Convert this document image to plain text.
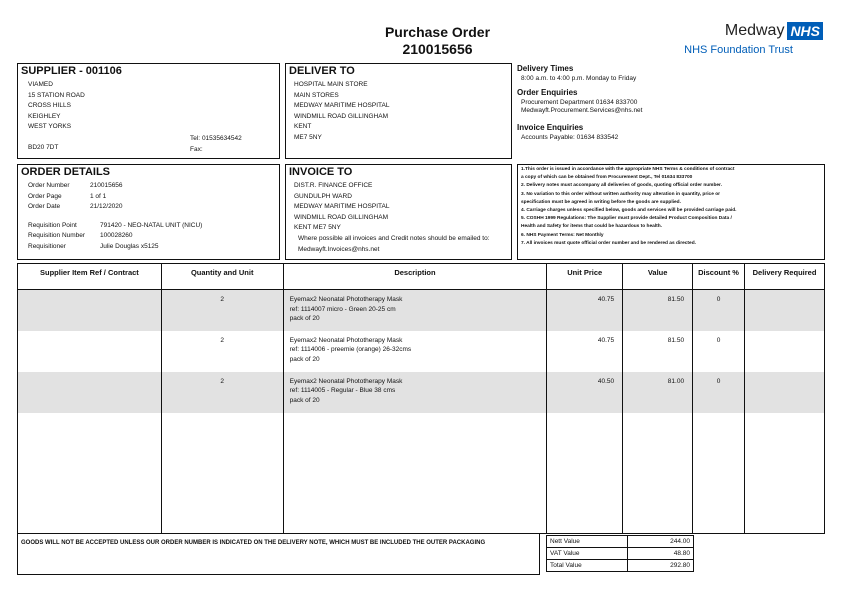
Purchase Order
210015656
Medway NHS
NHS Foundation Trust
SUPPLIER - 001106
VIAMED
15 STATION ROAD
CROSS HILLS
KEIGHLEY
WEST YORKS
BD20 7DT
Tel: 01535634542
Fax:
DELIVER TO
HOSPITAL MAIN STORE
MAIN STORES
MEDWAY MARITIME HOSPITAL
WINDMILL ROAD GILLINGHAM
KENT
ME7 5NY
Delivery Times
8:00 a.m. to 4:00 p.m. Monday to Friday
Order Enquiries
Procurement Department 01634 833700
Medwayft.Procurement.Services@nhs.net
Invoice Enquiries
Accounts Payable: 01634 833542
ORDER DETAILS
Order Number	210015656
Order Page	1 of 1
Order Date	21/12/2020
Requisition Point	791420 - NEO-NATAL UNIT (NICU)
Requisition Number 100028260
Requisitioner	Julie Douglas x5125
INVOICE TO
DIST.R. FINANCE OFFICE
GUNDULPH WARD
MEDWAY MARITIME HOSPITAL
WINDMILL ROAD GILLINGHAM
KENT ME7 5NY
Where possible all invoices and Credit notes should be emailed to: Medwayft.Invoices@nhs.net
1.This order is issued in accordance with the appropriate NHS Terms & conditions of contract
a copy of which can be obtained from Procurement Dept., Tel 01634 833700
2. Delivery notes must accompany all deliveries of goods, quoting official order number.
3. No variation to this order without written authority may alteration in quantity, price or
specification must be agreed in writing before the goods are supplied.
4. Carriage charges unless specified below, goods and services will be provided carriage paid.
5. COSHH 1999 Regulations: The Supplier must provide detailed Product Composition Data /
Health and Safety for items that could be hazardous to health.
6. NHS Payment Terms: Net Monthly
7. All invoices must quote official order number and be rendered as directed.
Supplier Item Ref / Contract	Quantity and Unit	Description	Unit Price	Value	Discount %	Delivery Required
	2	Eyemax2 Neonatal Phototherapy Mask
ref: 1114007 micro - Green 20-25 cm
pack of 20	40.75	81.50	0	
	2	Eyemax2 Neonatal Phototherapy Mask
ref: 1114006 - preemie (orange) 26-32cms
pack of 20	40.75	81.50	0	
	2	Eyemax2 Neonatal Phototherapy Mask
ref: 1114005 - Regular - Blue 38 cms
pack of 20	40.50	81.00	0	

GOODS WILL NOT BE ACCEPTED UNLESS OUR ORDER NUMBER IS INDICATED ON THE DELIVERY NOTE, WHICH MUST BE INCLUDED THE OUTER PACKAGING	Nett Value	244.00
VAT Value	48.80
Total Value	292.80
